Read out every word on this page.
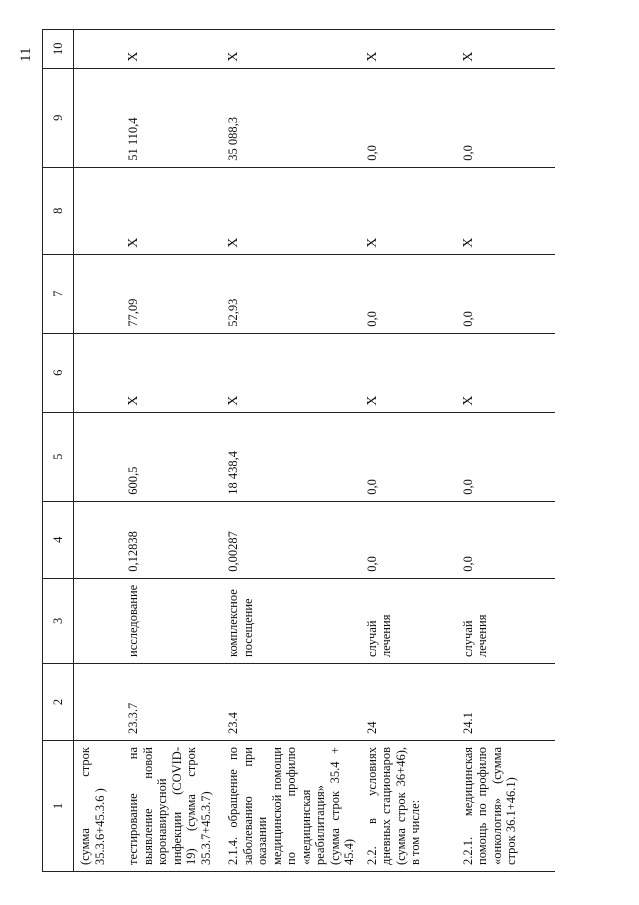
11
1	2	3	4	5	6	7	8	9	10
(сумма строк 35.3.6+45.3.6 )									
тестирование на выявление новой коронавирусной инфекции (COVID-19) (сумма строк 35.3.7+45.3.7)	23.3.7	исследование	0,12838	600,5	Х	77,09	Х	51 110,4	Х
2.1.4. обращение по заболеванию при оказании медицинской помощи по профилю «медицинская реабилитация» (сумма строк 35.4 + 45.4)	23.4	комплексное посещение	0,00287	18 438,4	Х	52,93	Х	35 088,3	Х
2.2. в условиях дневных стационаров (сумма строк 36+46), в том числе:	24	случай лечения	0,0	0,0	Х	0,0	Х	0,0	Х
2.2.1. медицинская помощь по профилю «онкология» (сумма строк 36.1+46.1)	24.1	случай лечения	0,0	0,0	Х	0,0	Х	0,0	Х
